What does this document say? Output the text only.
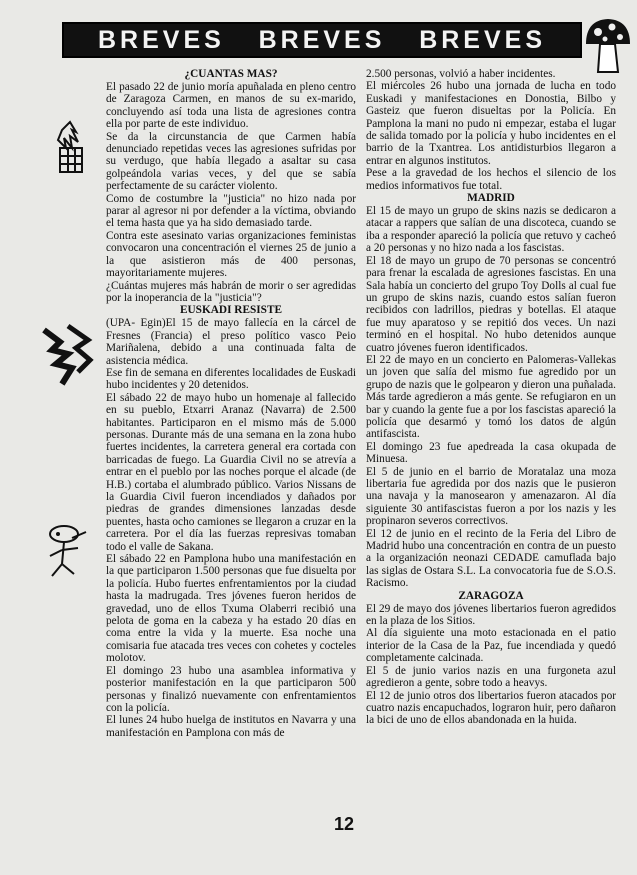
BREVES BREVES BREVES
¿CUANTAS MAS?

El pasado 22 de junio moría apuñalada en pleno centro de Zaragoza Carmen, en manos de su ex-marido, concluyendo así toda una lista de agresiones contra ella por parte de este individuo.

Se da la circunstancia de que Carmen había denunciado repetidas veces las agresiones sufridas por su verdugo, que había llegado a asaltar su casa golpeándola varias veces, y del que se sabía perfectamente de su carácter violento.

Como de costumbre la "justicia" no hizo nada por parar al agresor ni por defender a la víctima, obviando el tema hasta que ya ha sido demasiado tarde.

Contra este asesinato varias organizaciones feministas convocaron una concentración el viernes 25 de junio a la que asistieron más de 400 personas, mayoritariamente mujeres.

¿Cuántas mujeres más habrán de morir o ser agredidas por la inoperancia de la "justicia"?

EUSKADI RESISTE

(UPA- Egin)El 15 de mayo fallecía en la cárcel de Fresnes (Francia) el preso político vasco Peio Mariñalena, debido a una continuada falta de asistencia médica.

Ese fin de semana en diferentes localidades de Euskadi hubo incidentes y 20 detenidos.

El sábado 22 de mayo hubo un homenaje al fallecido en su pueblo, Etxarri Aranaz (Navarra) de 2.500 habitantes. Participaron en el mismo más de 5.000 personas. Durante más de una semana en la zona hubo fuertes incidentes, la carretera general era cortada con barricadas de fuego. La Guardia Civil no se atrevía a entrar en el pueblo por las noches porque el alcade (de H.B.) cortaba el alumbrado público. Varios Nissans de la Guardia Civil fueron incendiados y dañados por piedras de grandes dimensiones lanzadas desde puentes, hasta ocho camiones se llegaron a cruzar en la carretera. Por el día las fuerzas represivas tomaban todo el valle de Sakana.

El sábado 22 en Pamplona hubo una manifestación en la que participaron 1.500 personas que fue disuelta por la policía. Hubo fuertes enfrentamientos por la ciudad hasta la madrugada. Tres jóvenes fueron heridos de gravedad, uno de ellos Txuma Olaberri recibió una pelota de goma en la cabeza y ha estado 20 días en coma entre la vida y la muerte. Esa noche una comisaria fue atacada tres veces con cohetes y cocteles molotov.

El domingo 23 hubo una asamblea informativa y posterior manifestación en la que participaron 500 personas y finalizó nuevamente con enfrentamientos con la policía.

El lunes 24 hubo huelga de institutos en Navarra y una manifestación en Pamplona con más de

2.500 personas, volvió a haber incidentes.

El miércoles 26 hubo una jornada de lucha en todo Euskadi y manifestaciones en Donostia, Bilbo y Gasteiz que fueron disueltas por la Policía. En Pamplona la mani no pudo ni empezar, estaba el lugar de salida tomado por la policía y hubo incidentes en el barrio de la Txantrea. Los antidisturbios llegaron a entrar en algunos institutos.

Pese a la gravedad de los hechos el silencio de los medios informativos fue total.

MADRID

El 15 de mayo un grupo de skins nazis se dedicaron a atacar a rappers que salían de una discoteca, cuando se iba a responder apareció la policía que retuvo y cacheó a 20 personas y no hizo nada a los fascistas.

El 18 de mayo un grupo de 70 personas se concentró para frenar la escalada de agresiones fascistas. En una Sala había un concierto del grupo Toy Dolls al cual fue un grupo de skins nazis, cuando estos salían fueron recibidos con ladrillos, piedras y botellas. El ataque fue muy aparatoso y se repitió dos veces. Un nazi terminó en el hospital. No hubo detenidos aunque cuatro jóvenes fueron identificados.

El 22 de mayo en un concierto en Palomeras-Vallekas un joven que salía del mismo fue agredido por un grupo de nazis que le golpearon y dieron una puñalada. Más tarde agredieron a más gente. Se refugiaron en un bar y cuando la gente fue a por los fascistas apareció la policía que desarmó y tomó los datos de algún antifascista.

El domingo 23 fue apedreada la casa okupada de Minuesa.

El 5 de junio en el barrio de Moratalaz una moza libertaria fue agredida por dos nazis que le pusieron una navaja y la manosearon y amenazaron. Al día siguiente 30 antifascistas fueron a por los nazis y les propinaron severos correctivos.

El 12 de junio en el recinto de la Feria del Libro de Madrid hubo una concentración en contra de un puesto a la organización neonazi CEDADE camuflada bajo las siglas de Ostara S.L. La convocatoria fue de S.O.S. Racismo.

ZARAGOZA

El 29 de mayo dos jóvenes libertarios fueron agredidos en la plaza de los Sitios.

Al día siguiente una moto estacionada en el patio interior de la Casa de la Paz, fue incendiada y quedó completamente calcinada.

El 5 de junio varios nazis en una furgoneta azul agredieron a gente, sobre todo a heavys.

El 12 de junio otros dos libertarios fueron atacados por cuatro nazis encapuchados, lograron huir, pero dañaron la bici de uno de ellos abandonada en la huida.

12
